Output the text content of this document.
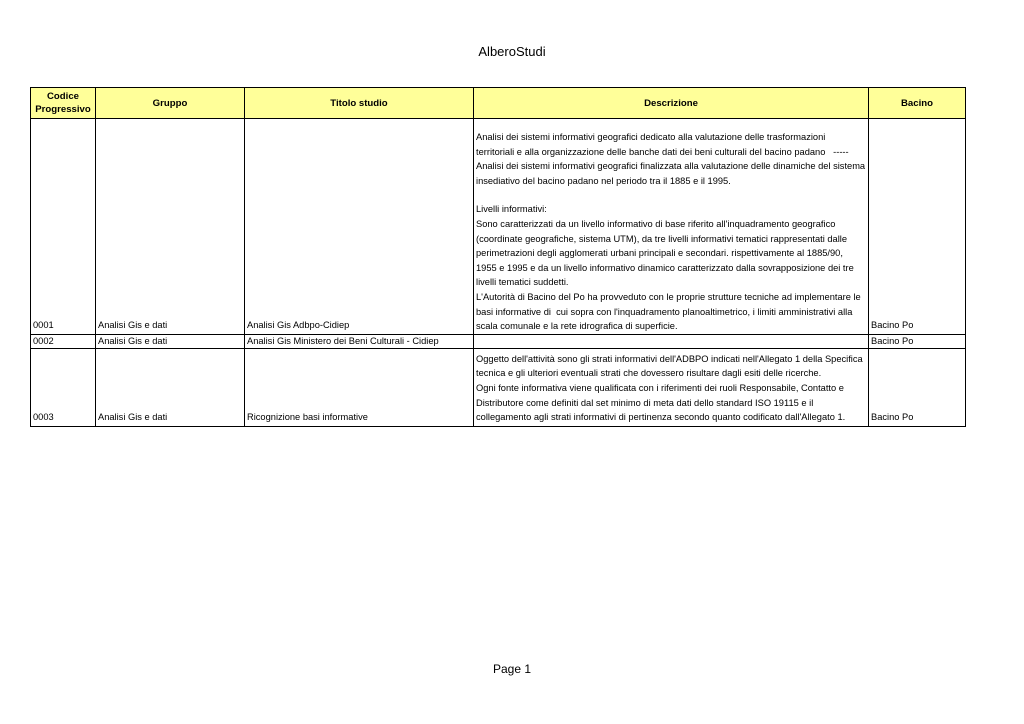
AlberoStudi
Codice Progressivo	Gruppo	Titolo studio	Descrizione	Bacino
0001	Analisi Gis e dati	Analisi Gis Adbpo-Cidiep	Analisi dei sistemi informativi geografici dedicato alla valutazione delle trasformazioni territoriali e alla organizzazione delle banche dati dei beni culturali del bacino padano   -----   Analisi dei sistemi informativi geografici finalizzata alla valutazione delle dinamiche del sistema insediativo del bacino padano nel periodo tra il 1885 e il 1995.
Livelli informativi:
Sono caratterizzati da un livello informativo di base riferito all'inquadramento geografico (coordinate geografiche, sistema UTM), da tre livelli informativi tematici rappresentati dalle perimetrazioni degli agglomerati urbani principali e secondari. rispettivamente al 1885/90, 1955 e 1995 e da un livello informativo dinamico caratterizzato dalla sovrapposizione dei tre livelli tematici suddetti.
L'Autorità di Bacino del Po ha provveduto con le proprie strutture tecniche ad implementare le basi informative di  cui sopra con l'inquadramento planoaltimetrico, i limiti amministrativi alla scala comunale e la rete idrografica di superficie.	Bacino Po
0002	Analisi Gis e dati	Analisi Gis Ministero dei Beni Culturali - Cidiep		Bacino Po
0003	Analisi Gis e dati	Ricognizione basi informative	Oggetto dell'attività sono gli strati informativi dell'ADBPO indicati nell'Allegato 1 della Specifica tecnica e gli ulteriori eventuali strati che dovessero risultare dagli esiti delle ricerche.
Ogni fonte informativa viene qualificata con i riferimenti dei ruoli Responsabile, Contatto e Distributore come definiti dal set minimo di meta dati dello standard ISO 19115 e il collegamento agli strati informativi di pertinenza secondo quanto codificato dall'Allegato 1.	Bacino Po
Page 1
